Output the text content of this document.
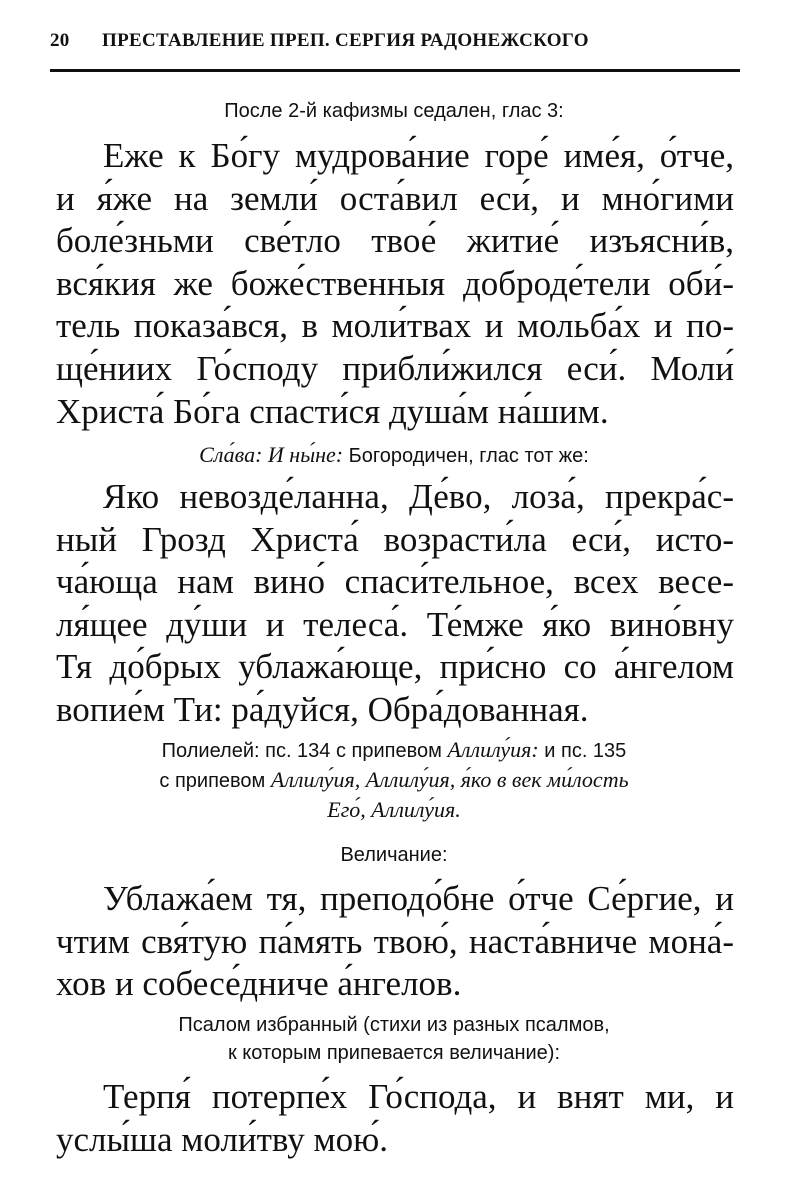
20 ПРЕСТАВЛЕНИЕ ПРЕП. СЕРГИЯ РАДОНЕЖСКОГО
После 2-й кафизмы седален, глас 3:
Еже к Бо́гу мудрова́ние горе́ име́я, о́тче,
и я́же на земли́ оста́вил еси́, и мно́гими
боле́зньми све́тло твое́ житие́ изъясни́в,
вся́кия же боже́ственныя доброде́тели оби́-
тель показа́вся, в моли́твах и мольба́х и по-
ще́ниих Го́споду прибли́жился еси́. Моли́
Христа́ Бо́га спасти́ся душа́м на́шим.
Сла́ва: И ны́не: Богородичен, глас тот же:
Яко невозде́ланна, Де́во, лоза́, прекра́с-
ный Грозд Христа́ возрасти́ла еси́, исто-
ча́юща нам вино́ спаси́тельное, всех весе-
ля́щее ду́ши и телеса́. Те́мже я́ко вино́вну
Тя до́брых ублажа́юще, при́сно со а́нгелом
вопие́м Ти: ра́дуйся, Обра́дованная.
Полиелей: пс. 134 с припевом Аллилу́ия: и пс. 135
с припевом Аллилу́ия, Аллилу́ия, я́ко в век ми́лость
Его́, Аллилу́ия.
Величание:
Ублажа́ем тя, преподо́бне о́тче Се́ргие, и
чтим свя́тую па́мять твою́, наста́вниче мона́-
хов и собесе́дниче а́нгелов.
Псалом избранный (стихи из разных псалмов,
к которым припевается величание):
Терпя́ потерпе́х Го́спода, и внят ми, и
услы́ша моли́тву мою́.
